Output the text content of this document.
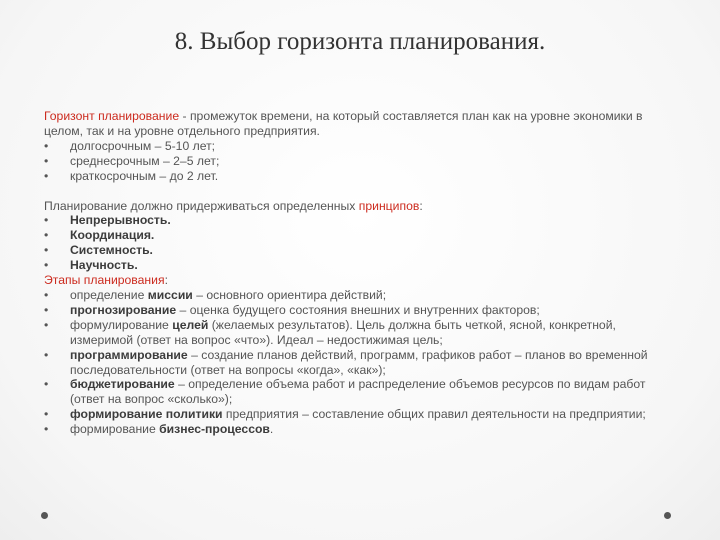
8. Выбор горизонта планирования.

Горизонт планирование - промежуток времени, на который составляется план как на уровне экономики в целом, так и на уровне отдельного предприятия.

•	долгосрочным – 5-10 лет;
•	среднесрочным – 2–5 лет;
•	краткосрочным – до 2 лет.

Планирование должно придерживаться определенных принципов:

•	Непрерывность.
•	Координация.
•	Системность.
•	Научность.

Этапы планирования:

•	определение миссии – основного ориентира действий;
•	прогнозирование – оценка будущего состояния внешних и внутренних факторов;
•	формулирование целей (желаемых результатов). Цель должна быть четкой, ясной, конкретной, измеримой (ответ на вопрос «что»). Идеал – недостижимая цель;
•	программирование – создание планов действий, программ, графиков работ – планов во временной последовательности (ответ на вопросы «когда», «как»);
•	бюджетирование – определение объема работ и распределение объемов ресурсов по видам работ (ответ на вопрос «сколько»);
•	формирование политики предприятия – составление общих правил деятельности на предприятии;
•	формирование бизнес-процессов.
